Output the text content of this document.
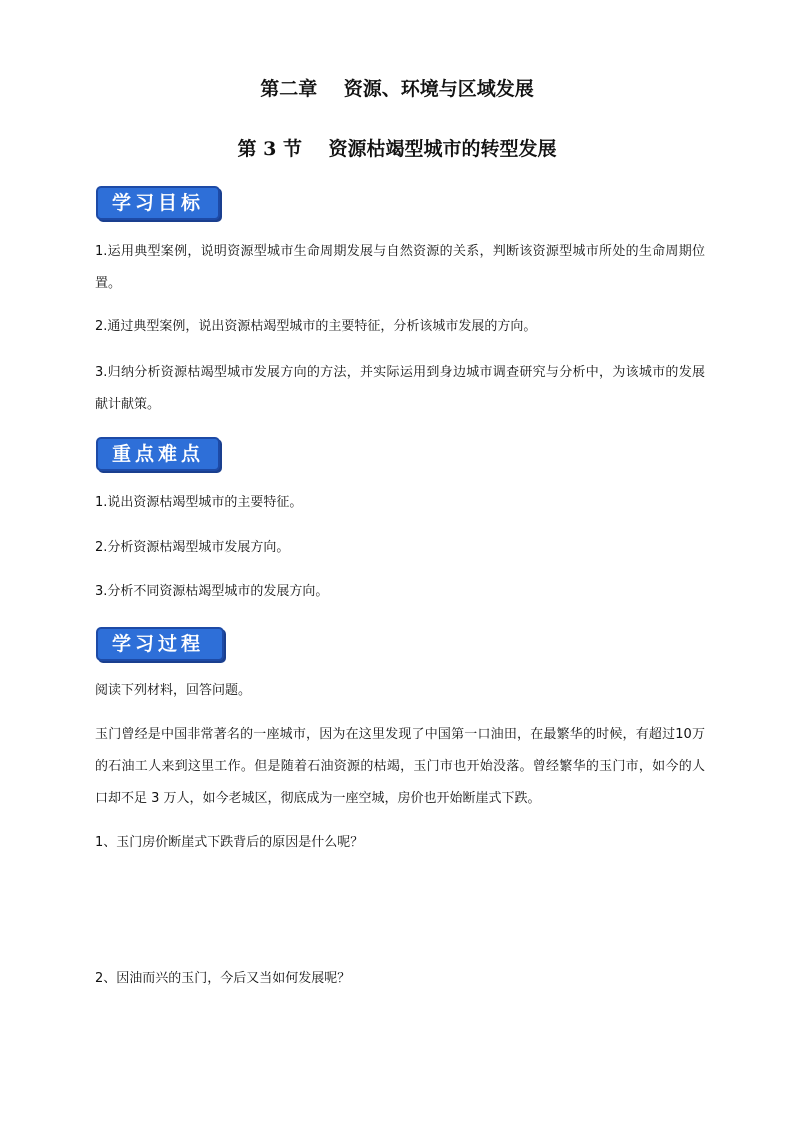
第二章    资源、环境与区域发展
第 3 节    资源枯竭型城市的转型发展
学习目标
1.运用典型案例，说明资源型城市生命周期发展与自然资源的关系，判断该资源型城市所处的生命周期位置。
2.通过典型案例，说出资源枯竭型城市的主要特征，分析该城市发展的方向。
3.归纳分析资源枯竭型城市发展方向的方法，并实际运用到身边城市调查研究与分析中，为该城市的发展献计献策。
重点难点
1.说出资源枯竭型城市的主要特征。
2.分析资源枯竭型城市发展方向。
3.分析不同资源枯竭型城市的发展方向。
学习过程
阅读下列材料，回答问题。
玉门曾经是中国非常著名的一座城市，因为在这里发现了中国第一口油田，在最繁华的时候，有超过10万的石油工人来到这里工作。但是随着石油资源的枯竭，玉门市也开始没落。曾经繁华的玉门市，如今的人口却不足 3 万人，如今老城区，彻底成为一座空城，房价也开始断崖式下跌。
1、玉门房价断崖式下跌背后的原因是什么呢？
2、因油而兴的玉门，今后又当如何发展呢？
